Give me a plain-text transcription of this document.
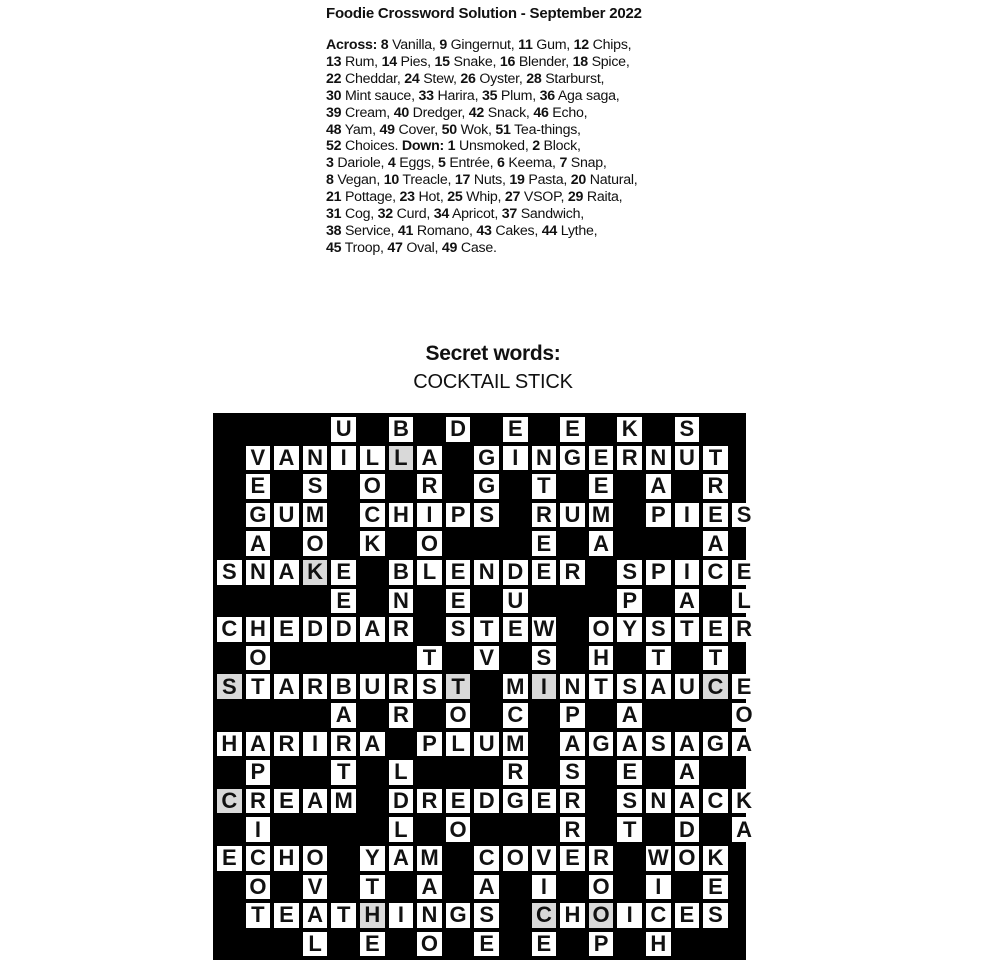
Foodie Crossword Solution - September 2022
Across: 8 Vanilla, 9 Gingernut, 11 Gum, 12 Chips,
13 Rum, 14 Pies, 15 Snake, 16 Blender, 18 Spice,
22 Cheddar, 24 Stew, 26 Oyster, 28 Starburst,
30 Mint sauce, 33 Harira, 35 Plum, 36 Aga saga,
39 Cream, 40 Dredger, 42 Snack, 46 Echo,
48 Yam, 49 Cover, 50 Wok, 51 Tea-things,
52 Choices. Down: 1 Unsmoked, 2 Block,
3 Dariole, 4 Eggs, 5 Entrée, 6 Keema, 7 Snap,
8 Vegan, 10 Treacle, 17 Nuts, 19 Pasta, 20 Natural,
21 Pottage, 23 Hot, 25 Whip, 27 VSOP, 29 Raita,
31 Cog, 32 Curd, 34 Apricot, 37 Sandwich,
38 Service, 41 Romano, 43 Cakes, 44 Lythe,
45 Troop, 47 Oval, 49 Case.
Secret words:
COCKTAIL STICK
U B D E E K S
V A N I L L A G I N G E R N U T
E S O R G T E A R
G U M C H I P S R U M P I E S
A O K O	E A	A
S N A K E B L E N D E R S P I C E
E N E U	P A L
C H E D D A R S T E W O Y S T E R
O	T V S H T T
S T A R B U R S T M I N T S A U C E
A R O C P A	O
H A R I R A P L U M A G A S A G A
P	T L	R S E A
C R E A M D R E D G E R S N A C K
I	L O	R T D A
E C H O Y A M C O V E R W O K
O V T A A	I	O	I	E
T E A T H I N G S C H O I C E S
L E O E E P H
